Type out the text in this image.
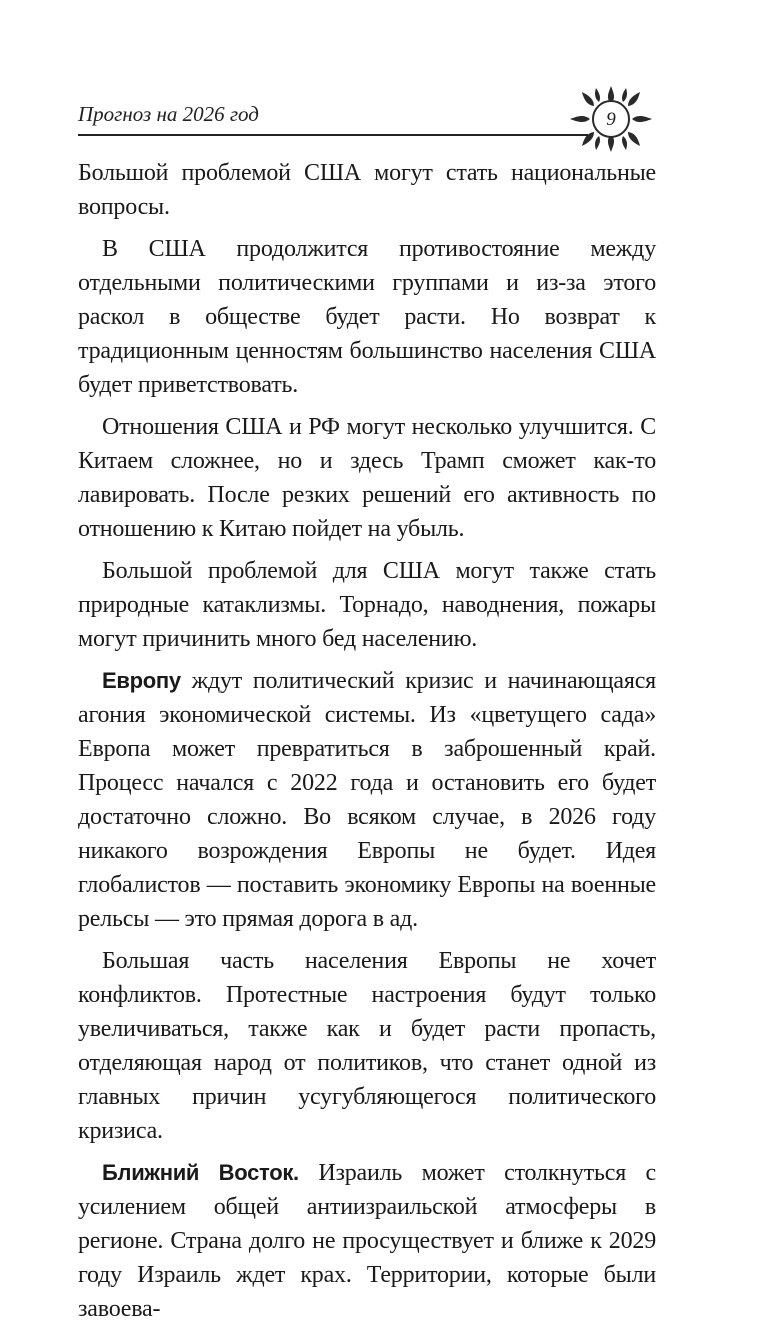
Прогноз на 2026 год	9

Большой проблемой США могут стать национальные вопросы.

В США продолжится противостояние между отдельными политическими группами и из-за этого раскол в обществе будет расти. Но возврат к традиционным ценностям большинство населения США будет приветствовать.

Отношения США и РФ могут несколько улучшится. С Китаем сложнее, но и здесь Трамп сможет как-то лавировать. После резких решений его активность по отношению к Китаю пойдет на убыль.

Большой проблемой для США могут также стать природные катаклизмы. Торнадо, наводнения, пожары могут причинить много бед населению.

Европу ждут политический кризис и начинающаяся агония экономической системы. Из «цветущего сада» Европа может превратиться в заброшенный край. Процесс начался с 2022 года и остановить его будет достаточно сложно. Во всяком случае, в 2026 году никакого возрождения Европы не будет. Идея глобалистов — поставить экономику Европы на военные рельсы — это прямая дорога в ад.

Большая часть населения Европы не хочет конфликтов. Протестные настроения будут только увеличиваться, также как и будет расти пропасть, отделяющая народ от политиков, что станет одной из главных причин усугубляющегося политического кризиса.

Ближний Восток. Израиль может столкнуться с усилением общей антиизраильской атмосферы в регионе. Страна долго не просуществует и ближе к 2029 году Израиль ждет крах. Территории, которые были завоева-
